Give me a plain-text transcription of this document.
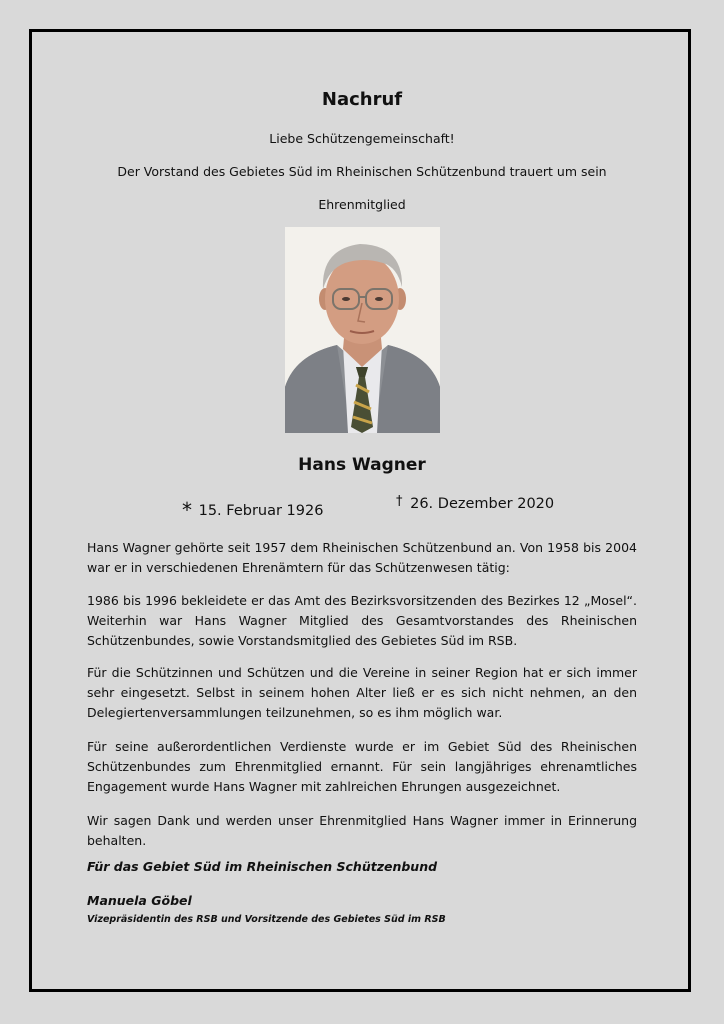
Nachruf
Liebe Schützengemeinschaft!
Der Vorstand des Gebietes Süd im Rheinischen Schützenbund trauert um sein
Ehrenmitglied
Hans Wagner
* 15. Februar 1926
† 26. Dezember 2020

Hans Wagner gehörte seit 1957 dem Rheinischen Schützenbund an. Von 1958 bis 2004 war er in verschiedenen Ehrenämtern für das Schützenwesen tätig:

1986 bis 1996 bekleidete er das Amt des Bezirksvorsitzenden des Bezirkes 12 „Mosel“. Weiterhin war Hans Wagner Mitglied des Gesamtvorstandes des Rheinischen Schützenbundes, sowie Vorstandsmitglied des Gebietes Süd im RSB.

Für die Schützinnen und Schützen und die Vereine in seiner Region hat er sich immer sehr eingesetzt. Selbst in seinem hohen Alter ließ er es sich nicht nehmen, an den Delegiertenversammlungen teilzunehmen, so es ihm möglich war.

Für seine außerordentlichen Verdienste wurde er im Gebiet Süd des Rheinischen Schützenbundes zum Ehrenmitglied ernannt. Für sein langjähriges ehrenamtliches Engagement wurde Hans Wagner mit zahlreichen Ehrungen ausgezeichnet.

Wir sagen Dank und werden unser Ehrenmitglied Hans Wagner immer in Erinnerung behalten.

Für das Gebiet Süd im Rheinischen Schützenbund

Manuela Göbel

Vizepräsidentin des RSB und Vorsitzende des Gebietes Süd im RSB
